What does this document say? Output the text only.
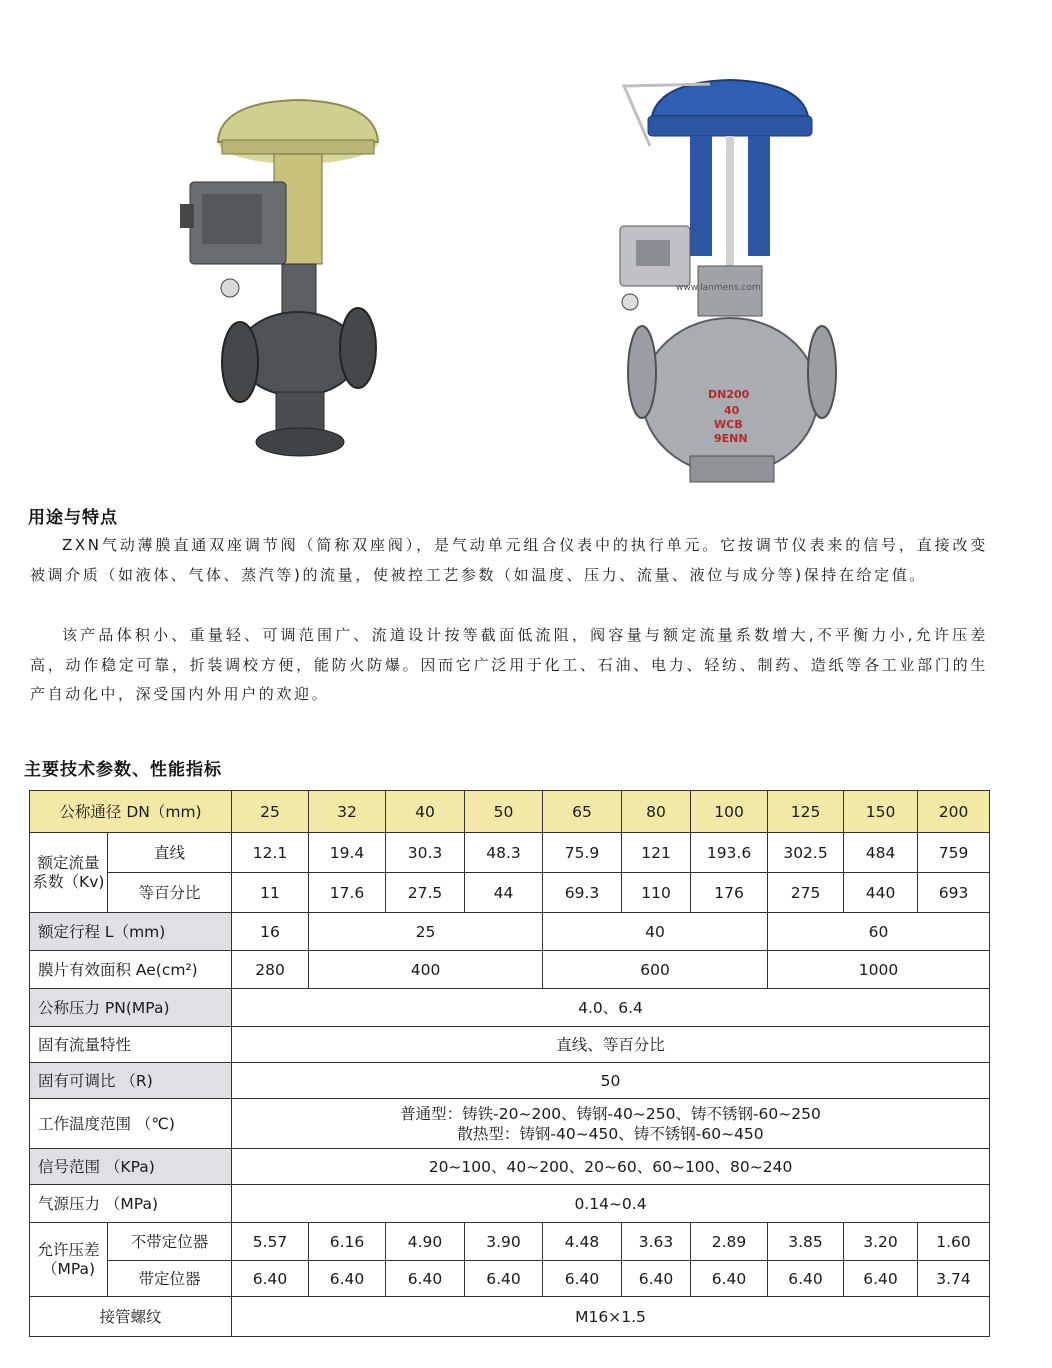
www.lanmens.com
DN200
40
WCB
9ENN
用途与特点
ZXN气动薄膜直通双座调节阀（简称双座阀），是气动单元组合仪表中的执行单元。它按调节仪表来的信号，直接改变被调介质（如液体、气体、蒸汽等)的流量，使被控工艺参数（如温度、压力、流量、液位与成分等)保持在给定值。
该产品体积小、重量轻、可调范围广、流道设计按等截面低流阻，阀容量与额定流量系数增大,不平衡力小,允许压差高，动作稳定可靠，折装调校方便，能防火防爆。因而它广泛用于化工、石油、电力、轻纺、制药、造纸等各工业部门的生产自动化中，深受国内外用户的欢迎。
主要技术参数、性能指标
公称通径 DN（mm)		25	32	40	50	65	80	100	125	150	200
额定流量系数（Kv)	直线	12.1	19.4	30.3	48.3	75.9	121	193.6	302.5	484	759
	等百分比	11	17.6	27.5	44	69.3	110	176	275	440	693
额定行程 L（mm)		16	25			40			60		
膜片有效面积 Ae(cm²)		280	400			600			1000		
公称压力 PN(MPa)		4.0、6.4									
固有流量特性		直线、等百分比									
固有可调比 （R)		50									
工作温度范围 （℃)		普通型：铸铁-20~200、铸钢-40~250、铸不锈钢-60~250
散热型：铸钢-40~450、铸不锈钢-60~450									

信号范围 （KPa)		20~100、40~200、20~60、60~100、80~240									
气源压力 （MPa)		0.14~0.4									
允许压差（MPa)	不带定位器	5.57	6.16	4.90	3.90	4.48	3.63	2.89	3.85	3.20	1.60
	带定位器	6.40	6.40	6.40	6.40	6.40	6.40	6.40	6.40	6.40	3.74
接管螺纹		M16×1.5									
